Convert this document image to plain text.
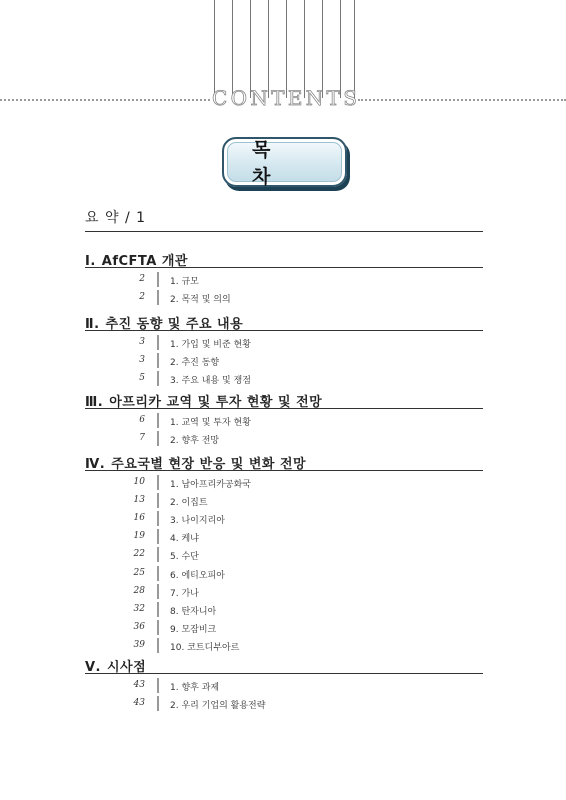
C O N T E N T S
목 차
요 약 / 1
Ⅰ. AfCFTA 개관
2	1. 규모
2	2. 목적 및 의의
Ⅱ. 추진 동향 및 주요 내용
3	1. 가입 및 비준 현황
3	2. 추진 동향
5	3. 주요 내용 및 쟁점
Ⅲ. 아프리카 교역 및 투자 현황 및 전망
6	1. 교역 및 투자 현황
7	2. 향후 전망
Ⅳ. 주요국별 현장 반응 및 변화 전망
10	1. 남아프리카공화국
13	2. 이집트
16	3. 나이지리아
19	4. 케냐
22	5. 수단
25	6. 에티오피아
28	7. 가나
32	8. 탄자니아
36	9. 모잠비크
39	10. 코트디부아르
Ⅴ. 시사점
43	1. 향후 과제
43	2. 우리 기업의 활용전략
